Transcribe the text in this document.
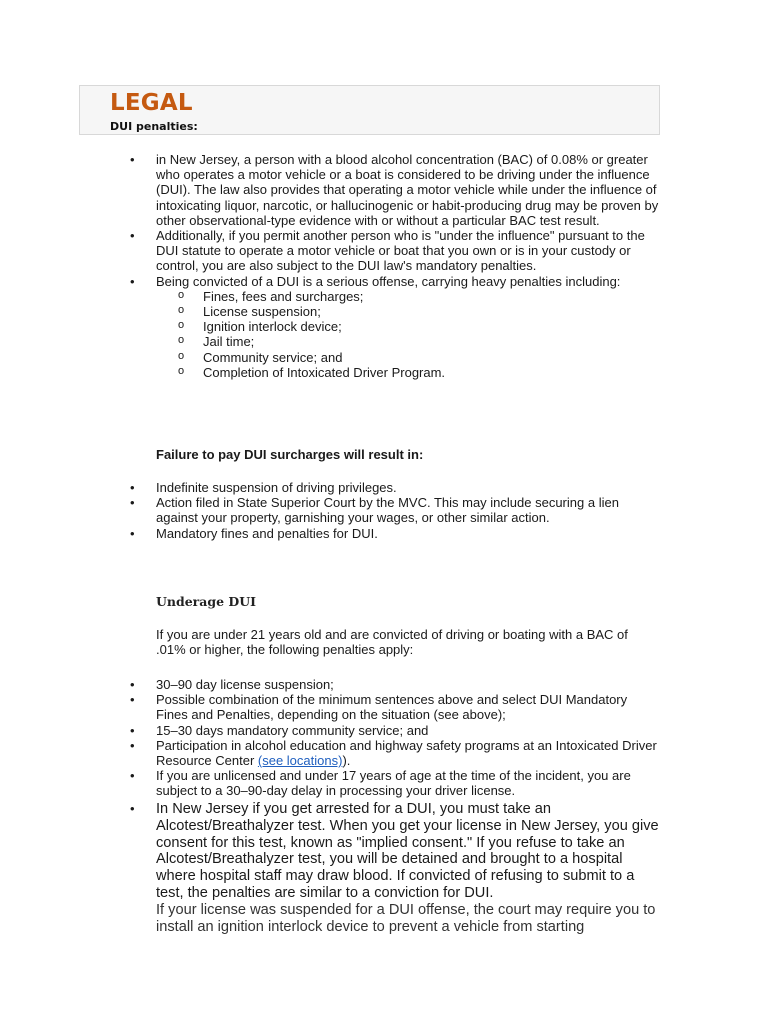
LEGAL
DUI penalties:
• in New Jersey, a person with a blood alcohol concentration (BAC) of 0.08% or greater who operates a motor vehicle or a boat is considered to be driving under the influence (DUI). The law also provides that operating a motor vehicle while under the influence of intoxicating liquor, narcotic, or hallucinogenic or habit-producing drug may be proven by other observational-type evidence with or without a particular BAC test result.
• Additionally, if you permit another person who is "under the influence" pursuant to the DUI statute to operate a motor vehicle or boat that you own or is in your custody or control, you are also subject to the DUI law's mandatory penalties.
• Being convicted of a DUI is a serious offense, carrying heavy penalties including:
o Fines, fees and surcharges;
o License suspension;
o Ignition interlock device;
o Jail time;
o Community service; and
o Completion of Intoxicated Driver Program.
Failure to pay DUI surcharges will result in:
• Indefinite suspension of driving privileges.
• Action filed in State Superior Court by the MVC. This may include securing a lien against your property, garnishing your wages, or other similar action.
• Mandatory fines and penalties for DUI.
Underage DUI
If you are under 21 years old and are convicted of driving or boating with a BAC of .01% or higher, the following penalties apply:
• 30–90 day license suspension;
• Possible combination of the minimum sentences above and select DUI Mandatory Fines and Penalties, depending on the situation (see above);
• 15–30 days mandatory community service; and
• Participation in alcohol education and highway safety programs at an Intoxicated Driver Resource Center (see locations)).
• If you are unlicensed and under 17 years of age at the time of the incident, you are subject to a 30–90-day delay in processing your driver license.
• In New Jersey if you get arrested for a DUI, you must take an Alcotest/Breathalyzer test. When you get your license in New Jersey, you give consent for this test, known as "implied consent." If you refuse to take an Alcotest/Breathalyzer test, you will be detained and brought to a hospital where hospital staff may draw blood. If convicted of refusing to submit to a test, the penalties are similar to a conviction for DUI.
If your license was suspended for a DUI offense, the court may require you to install an ignition interlock device to prevent a vehicle from starting
